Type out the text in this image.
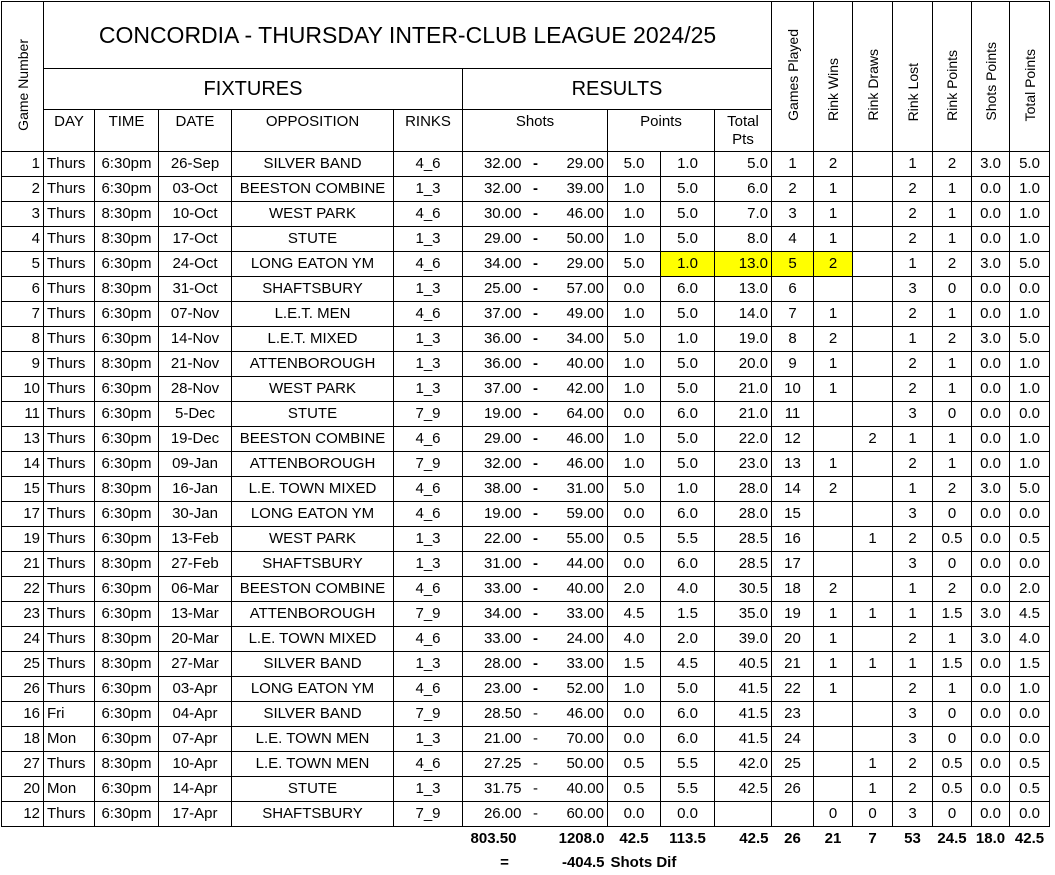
Game Number	CONCORDIA - THURSDAY INTER-CLUB LEAGUE 2024/25											Games Played	Rink Wins	Rink Draws	Rink Lost	Rink Points	Shots Points	Total Points

	FIXTURES					RESULTS												
	DAY	TIME	DATE	OPPOSITION	RINKS	Shots			Points		Total Pts							
1	Thurs	6:30pm	26-Sep	SILVER BAND	4_6	32.00	-	29.00	5.0	1.0	5.0	1	2		1	2	3.0	5.0
2	Thurs	6:30pm	03-Oct	BEESTON COMBINE	1_3	32.00	-	39.00	1.0	5.0	6.0	2	1		2	1	0.0	1.0
3	Thurs	8:30pm	10-Oct	WEST PARK	4_6	30.00	-	46.00	1.0	5.0	7.0	3	1		2	1	0.0	1.0
4	Thurs	8:30pm	17-Oct	STUTE	1_3	29.00	-	50.00	1.0	5.0	8.0	4	1		2	1	0.0	1.0
5	Thurs	6:30pm	24-Oct	LONG EATON YM	4_6	34.00	-	29.00	5.0	1.0	13.0	5	2		1	2	3.0	5.0
6	Thurs	8:30pm	31-Oct	SHAFTSBURY	1_3	25.00	-	57.00	0.0	6.0	13.0	6			3	0	0.0	0.0
7	Thurs	6:30pm	07-Nov	L.E.T. MEN	4_6	37.00	-	49.00	1.0	5.0	14.0	7	1		2	1	0.0	1.0
8	Thurs	6:30pm	14-Nov	L.E.T. MIXED	1_3	36.00	-	34.00	5.0	1.0	19.0	8	2		1	2	3.0	5.0
9	Thurs	8:30pm	21-Nov	ATTENBOROUGH	1_3	36.00	-	40.00	1.0	5.0	20.0	9	1		2	1	0.0	1.0
10	Thurs	6:30pm	28-Nov	WEST PARK	1_3	37.00	-	42.00	1.0	5.0	21.0	10	1		2	1	0.0	1.0
11	Thurs	6:30pm	5-Dec	STUTE	7_9	19.00	-	64.00	0.0	6.0	21.0	11			3	0	0.0	0.0
13	Thurs	6:30pm	19-Dec	BEESTON COMBINE	4_6	29.00	-	46.00	1.0	5.0	22.0	12		2	1	1	0.0	1.0
14	Thurs	6:30pm	09-Jan	ATTENBOROUGH	7_9	32.00	-	46.00	1.0	5.0	23.0	13	1		2	1	0.0	1.0
15	Thurs	8:30pm	16-Jan	L.E. TOWN MIXED	4_6	38.00	-	31.00	5.0	1.0	28.0	14	2		1	2	3.0	5.0
17	Thurs	6:30pm	30-Jan	LONG EATON YM	4_6	19.00	-	59.00	0.0	6.0	28.0	15			3	0	0.0	0.0
19	Thurs	6:30pm	13-Feb	WEST PARK	1_3	22.00	-	55.00	0.5	5.5	28.5	16		1	2	0.5	0.0	0.5
21	Thurs	8:30pm	27-Feb	SHAFTSBURY	1_3	31.00	-	44.00	0.0	6.0	28.5	17			3	0	0.0	0.0
22	Thurs	6:30pm	06-Mar	BEESTON COMBINE	4_6	33.00	-	40.00	2.0	4.0	30.5	18	2		1	2	0.0	2.0
23	Thurs	6:30pm	13-Mar	ATTENBOROUGH	7_9	34.00	-	33.00	4.5	1.5	35.0	19	1	1	1	1.5	3.0	4.5
24	Thurs	8:30pm	20-Mar	L.E. TOWN MIXED	4_6	33.00	-	24.00	4.0	2.0	39.0	20	1		2	1	3.0	4.0
25	Thurs	8:30pm	27-Mar	SILVER BAND	1_3	28.00	-	33.00	1.5	4.5	40.5	21	1	1	1	1.5	0.0	1.5
26	Thurs	6:30pm	03-Apr	LONG EATON YM	4_6	23.00	-	52.00	1.0	5.0	41.5	22	1		2	1	0.0	1.0
16	Fri	6:30pm	04-Apr	SILVER BAND	7_9	28.50	-	46.00	0.0	6.0	41.5	23			3	0	0.0	0.0
18	Mon	6:30pm	07-Apr	L.E. TOWN MEN	1_3	21.00	-	70.00	0.0	6.0	41.5	24			3	0	0.0	0.0
27	Thurs	8:30pm	10-Apr	L.E. TOWN MEN	4_6	27.25	-	50.00	0.5	5.5	42.0	25		1	2	0.5	0.0	0.5
20	Mon	6:30pm	14-Apr	STUTE	1_3	31.75	-	40.00	0.5	5.5	42.5	26		1	2	0.5	0.0	0.5
12	Thurs	6:30pm	17-Apr	SHAFTSBURY	7_9	26.00	-	60.00	0.0	0.0			0	0	3	0	0.0	0.0
						803.50		1208.0	42.5	113.5	42.5	26	21	7	53	24.5	18.0	42.5
						=		-404.5	Shots Dif									
